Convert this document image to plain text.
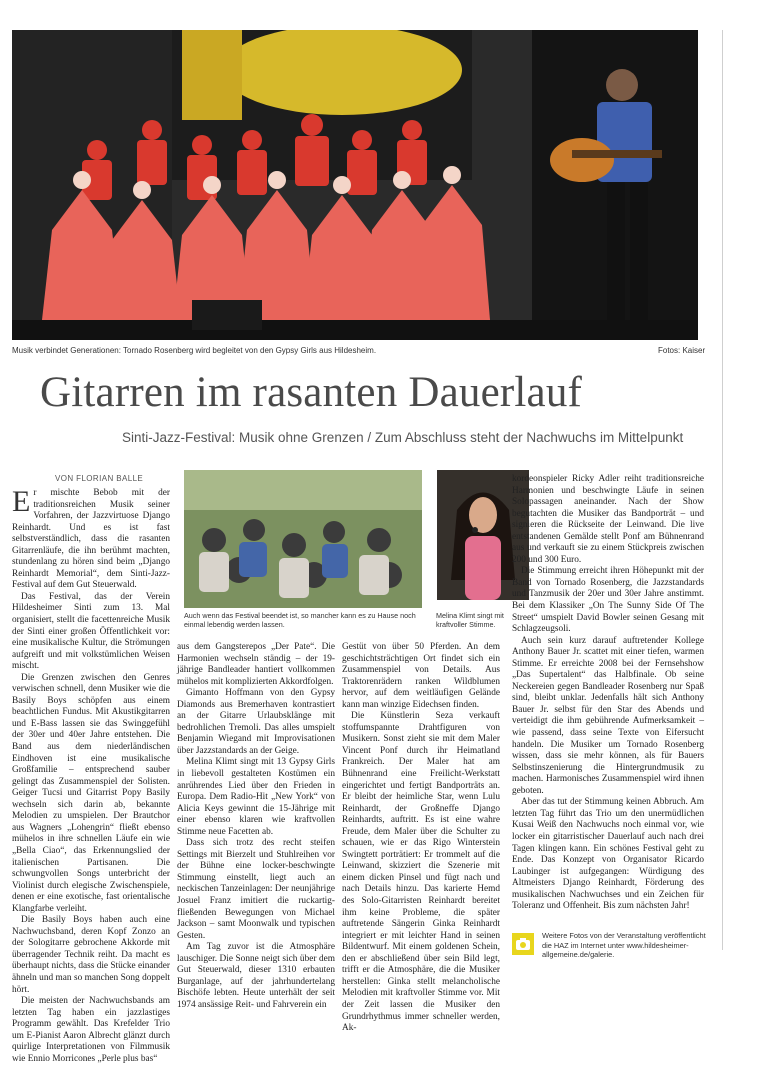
Musik verbindet Generationen: Tornado Rosenberg wird begleitet von den Gypsy Girls aus Hildesheim.	Fotos: Kaiser
Gitarren im rasanten Dauerlauf
Sinti-Jazz-Festival: Musik ohne Grenzen / Zum Abschluss steht der Nachwuchs im Mittelpunkt
VON FLORIAN BALLE

Er mischte Bebob mit der traditionsreichen Musik seiner Vorfahren, der Jazzvirtuose Django Reinhardt. Und es ist fast selbstverständlich, dass die rasanten Gitarrenläufe, die ihn berühmt machten, stundenlang zu hören sind beim „Django Reinhardt Memorial“, dem Sinti-Jazz-Festival auf dem Gut Steuerwald.

Das Festival, das der Verein Hildesheimer Sinti zum 13. Mal organisiert, stellt die facettenreiche Musik der Sinti einer großen Öffentlichkeit vor: eine musikalische Kultur, die Strömungen aufgreift und mit volkstümlichen Weisen mischt.

Die Grenzen zwischen den Genres verwischen schnell, denn Musiker wie die Basily Boys schöpfen aus einem beachtlichen Fundus. Mit Akustikgitarren und E-Bass lassen sie das Swinggefühl der 30er und 40er Jahre entstehen. Die Band aus dem niederländischen Eindhoven ist eine musikalische Großfamilie – entsprechend sauber gelingt das Zusammenspiel der Solisten. Geiger Tucsi und Gitarrist Popy Basily wechseln sich darin ab, bekannte Melodien zu umspielen. Der Brautchor aus Wagners „Lohengrin“ fließt ebenso mühelos in ihre schnellen Läufe ein wie „Bella Ciao“, das Erkennungslied der italienischen Partisanen. Die schwungvollen Songs unterbricht der Violinist durch elegische Zwischenspiele, denen er eine exotische, fast orientalische Klangfarbe verleiht.

Die Basily Boys haben auch eine Nachwuchsband, deren Kopf Zonzo an der Sologitarre gebrochene Akkorde mit überragender Technik reiht. Da macht es überhaupt nichts, dass die Stücke einander ähneln und man so manchen Song doppelt hört.

Die meisten der Nachwuchsbands am letzten Tag haben ein jazzlastiges Programm gewählt. Das Krefelder Trio um E-Pianist Aaron Albrecht glänzt durch quirlige Interpretationen von Filmmusik wie Ennio Morricones „Perle plus bas“

Auch wenn das Festival beendet ist, so mancher kann es zu Hause noch einmal lebendig werden lassen.
Melina Klimt singt mit kraftvoller Stimme.

aus dem Gangsterepos „Der Pate“. Die Harmonien wechseln ständig – der 19-jährige Bandleader hantiert vollkommen mühelos mit komplizierten Akkordfolgen.

Gimanto Hoffmann von den Gypsy Diamonds aus Bremerhaven kontrastiert an der Gitarre Urlaubsklänge mit bedrohlichen Tremoli. Das alles umspielt Benjamin Wiegand mit Improvisationen über Jazzstandards an der Geige.

Melina Klimt singt mit 13 Gypsy Girls in liebevoll gestalteten Kostümen ein anrührendes Lied über den Frieden in Europa. Dem Radio-Hit „New York“ von Alicia Keys gewinnt die 15-Jährige mit einer ebenso klaren wie kraftvollen Stimme neue Facetten ab.

Dass sich trotz des recht steifen Settings mit Bierzelt und Stuhlreihen vor der Bühne eine locker-beschwingte Stimmung einstellt, liegt auch an neckischen Tanzeinlagen: Der neunjährige Josuel Franz imitiert die ruckartig-fließenden Bewegungen von Michael Jackson – samt Moonwalk und typischen Gesten.

Am Tag zuvor ist die Atmosphäre lauschiger. Die Sonne neigt sich über dem Gut Steuerwald, dieser 1310 erbauten Burganlage, auf der jahrhundertelang Bischöfe lebten. Heute unterhält der seit 1974 ansässige Reit- und Fahrverein ein

Gestüt von über 50 Pferden. An dem geschichtsträchtigen Ort findet sich ein Zusammenspiel von Details. Aus Traktorenrädern ranken Wildblumen hervor, auf dem weitläufigen Gelände kann man winzige Eidechsen finden.

Die Künstlerin Seza verkauft stoffumspannte Drahtfiguren von Musikern. Sonst zieht sie mit dem Maler Vincent Ponf durch ihr Heimatland Frankreich. Der Maler hat am Bühnenrand eine Freilicht-Werkstatt eingerichtet und fertigt Bandporträts an. Er bleibt der heimliche Star, wenn Lulu Reinhardt, der Großneffe Django Reinhardts, auftritt. Es ist eine wahre Freude, dem Maler über die Schulter zu schauen, wie er das Rigo Winterstein Swingtett porträtiert: Er trommelt auf die Leinwand, skizziert die Szenerie mit einem dicken Pinsel und fügt nach und nach Details hinzu. Das karierte Hemd des Solo-Gitarristen Reinhardt bereitet ihm keine Probleme, die später auftretende Sängerin Ginka Reinhardt integriert er mit leichter Hand in seinen Bildentwurf. Mit einem goldenen Schein, den er abschließend über sein Bild legt, trifft er die Atmosphäre, die die Musiker herstellen: Ginka stellt melancholische Melodien mit kraftvoller Stimme vor. Mit der Zeit lassen die Musiker den Grundrhythmus immer schneller werden, Ak-

kordeonspieler Ricky Adler reiht traditionsreiche Harmonien und beschwingte Läufe in seinen Solopassagen aneinander. Nach der Show begutachten die Musiker das Bandporträt – und signieren die Rückseite der Leinwand. Die live entstandenen Gemälde stellt Ponf am Bühnenrand aus und verkauft sie zu einem Stückpreis zwischen 200 und 300 Euro.

Die Stimmung erreicht ihren Höhepunkt mit der Band von Tornado Rosenberg, die Jazzstandards und Tanzmusik der 20er und 30er Jahre anstimmt. Bei dem Klassiker „On The Sunny Side Of The Street“ umspielt David Bowler seinen Gesang mit Schlagzeugsoli.

Auch sein kurz darauf auftretender Kollege Anthony Bauer Jr. scattet mit einer tiefen, warmen Stimme. Er erreichte 2008 bei der Fernsehshow „Das Supertalent“ das Halbfinale. Ob seine Neckereien gegen Bandleader Rosenberg nur Spaß sind, bleibt unklar. Jedenfalls hält sich Anthony Bauer Jr. selbst für den Star des Abends und verteidigt die ihm gebührende Aufmerksamkeit – wie passend, dass seine Texte von Eifersucht handeln. Die Musiker um Tornado Rosenberg wissen, dass sie mehr können, als für Bauers Selbstinszenierung die Hintergrundmusik zu machen. Harmonisches Zusammenspiel wird ihnen geboten.

Aber das tut der Stimmung keinen Abbruch. Am letzten Tag führt das Trio um den unermüdlichen Kusai Weiß den Nachwuchs noch einmal vor, wie locker ein gitarristischer Dauerlauf auch nach drei Tagen klingen kann. Ein schönes Festival geht zu Ende. Das Konzept von Organisator Ricardo Laubinger ist aufgegangen: Würdigung des Altmeisters Django Reinhardt, Förderung des musikalischen Nachwuchses und ein Zeichen für Toleranz und Offenheit. Bis zum nächsten Jahr!

Weitere Fotos von der Veranstaltung veröffentlicht die HAZ im Internet unter www.hildesheimer-allgemeine.de/galerie.
